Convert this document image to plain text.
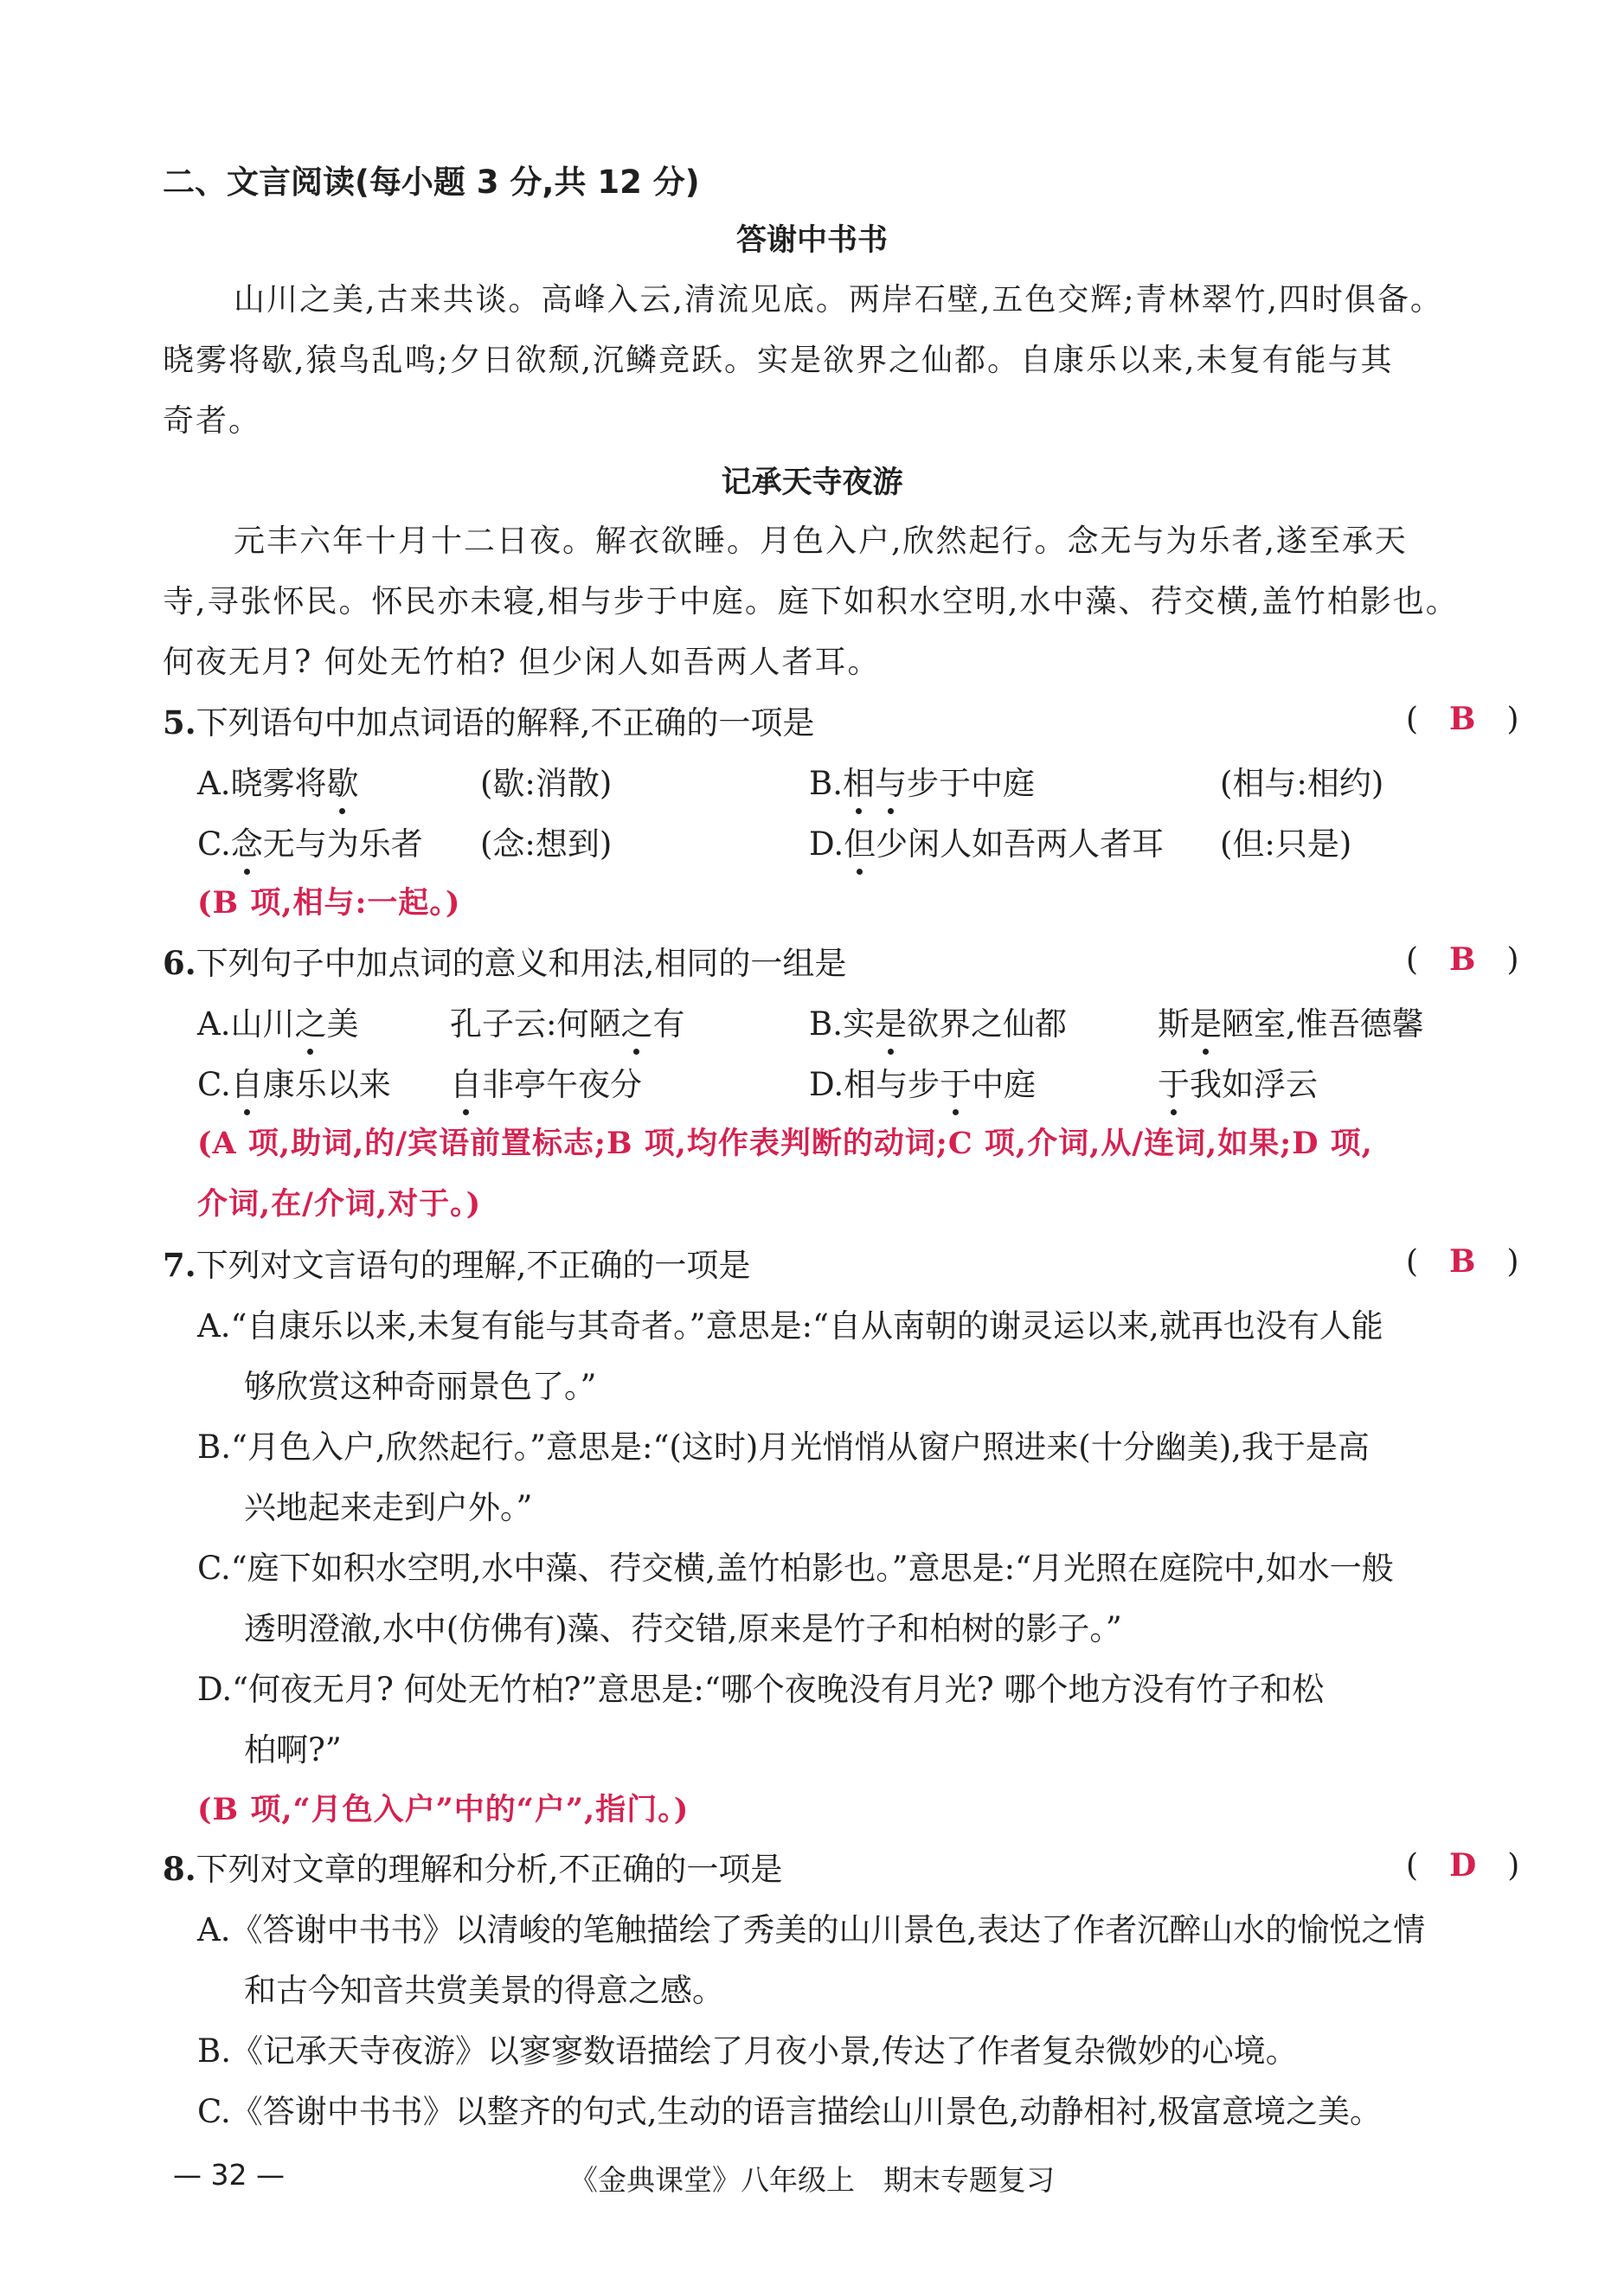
二、文言阅读(每小题 3 分,共 12 分)
答谢中书书
山川之美,古来共谈。高峰入云,清流见底。两岸石壁,五色交辉;青林翠竹,四时俱备。
晓雾将歇,猿鸟乱鸣;夕日欲颓,沉鳞竞跃。实是欲界之仙都。自康乐以来,未复有能与其
奇者。
记承天寺夜游
元丰六年十月十二日夜。解衣欲睡。月色入户,欣然起行。念无与为乐者,遂至承天
寺,寻张怀民。怀民亦未寝,相与步于中庭。庭下如积水空明,水中藻、荇交横,盖竹柏影也。
何夜无月? 何处无竹柏? 但少闲人如吾两人者耳。
5.下列语句中加点词语的解释,不正确的一项是	(　B　)
A.晓雾将歇	(歇:消散)	B.相与步于中庭	(相与:相约)
C.念无与为乐者 (念:想到)	D.但少闲人如吾两人者耳 (但:只是)
(B 项,相与:一起。)
6.下列句子中加点词的意义和用法,相同的一组是	(　B　)
A.山川之美	孔子云:何陋之有	B.实是欲界之仙都	斯是陋室,惟吾德馨
C.自康乐以来 自非亭午夜分	D.相与步于中庭	于我如浮云
(A 项,助词,的/宾语前置标志;B 项,均作表判断的动词;C 项,介词,从/连词,如果;D 项,
介词,在/介词,对于。)
7.下列对文言语句的理解,不正确的一项是	(　B　)
A.“自康乐以来,未复有能与其奇者。”意思是:“自从南朝的谢灵运以来,就再也没有人能
够欣赏这种奇丽景色了。”
B.“月色入户,欣然起行。”意思是:“(这时)月光悄悄从窗户照进来(十分幽美),我于是高
兴地起来走到户外。”
C.“庭下如积水空明,水中藻、荇交横,盖竹柏影也。”意思是:“月光照在庭院中,如水一般
透明澄澈,水中(仿佛有)藻、荇交错,原来是竹子和柏树的影子。”
D.“何夜无月? 何处无竹柏?”意思是:“哪个夜晚没有月光? 哪个地方没有竹子和松
柏啊?”
(B 项,“月色入户”中的“户”,指门。)
8.下列对文章的理解和分析,不正确的一项是	(　D　)
A.《答谢中书书》以清峻的笔触描绘了秀美的山川景色,表达了作者沉醉山水的愉悦之情
和古今知音共赏美景的得意之感。
B.《记承天寺夜游》以寥寥数语描绘了月夜小景,传达了作者复杂微妙的心境。
C.《答谢中书书》以整齐的句式,生动的语言描绘山川景色,动静相衬,极富意境之美。
— 32 —	《金典课堂》八年级上　期末专题复习
